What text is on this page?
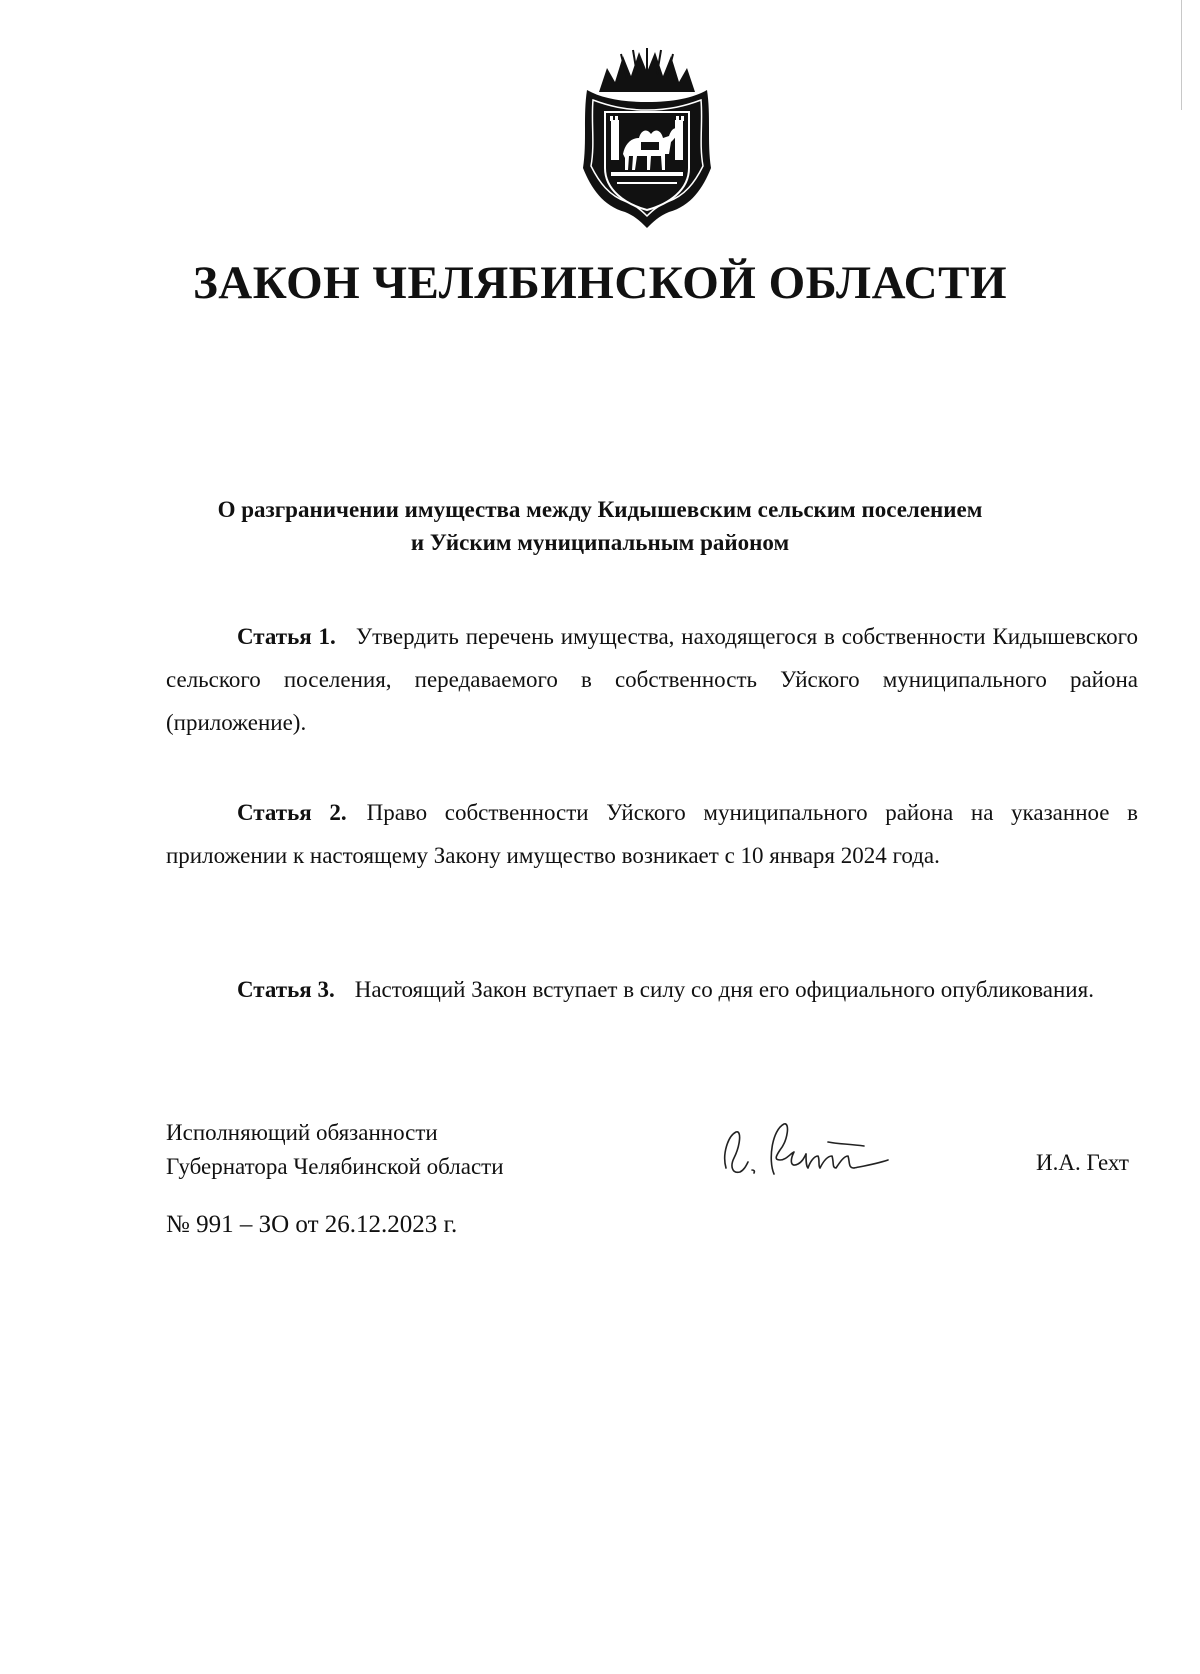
ЗАКОН ЧЕЛЯБИНСКОЙ ОБЛАСТИ
О разграничении имущества между Кидышевским сельским поселением
и Уйским муниципальным районом

Статья 1. Утвердить перечень имущества, находящегося в собственности Кидышевского сельского поселения, передаваемого в собственность Уйского муниципального района (приложение).

Статья 2. Право собственности Уйского муниципального района на указанное в приложении к настоящему Закону имущество возникает с 10 января 2024 года.

Статья 3. Настоящий Закон вступает в силу со дня его официального опубликования.

Исполняющий обязанности
Губернатора Челябинской области	И.А. Гехт
№ 991 – ЗО от 26.12.2023 г.
